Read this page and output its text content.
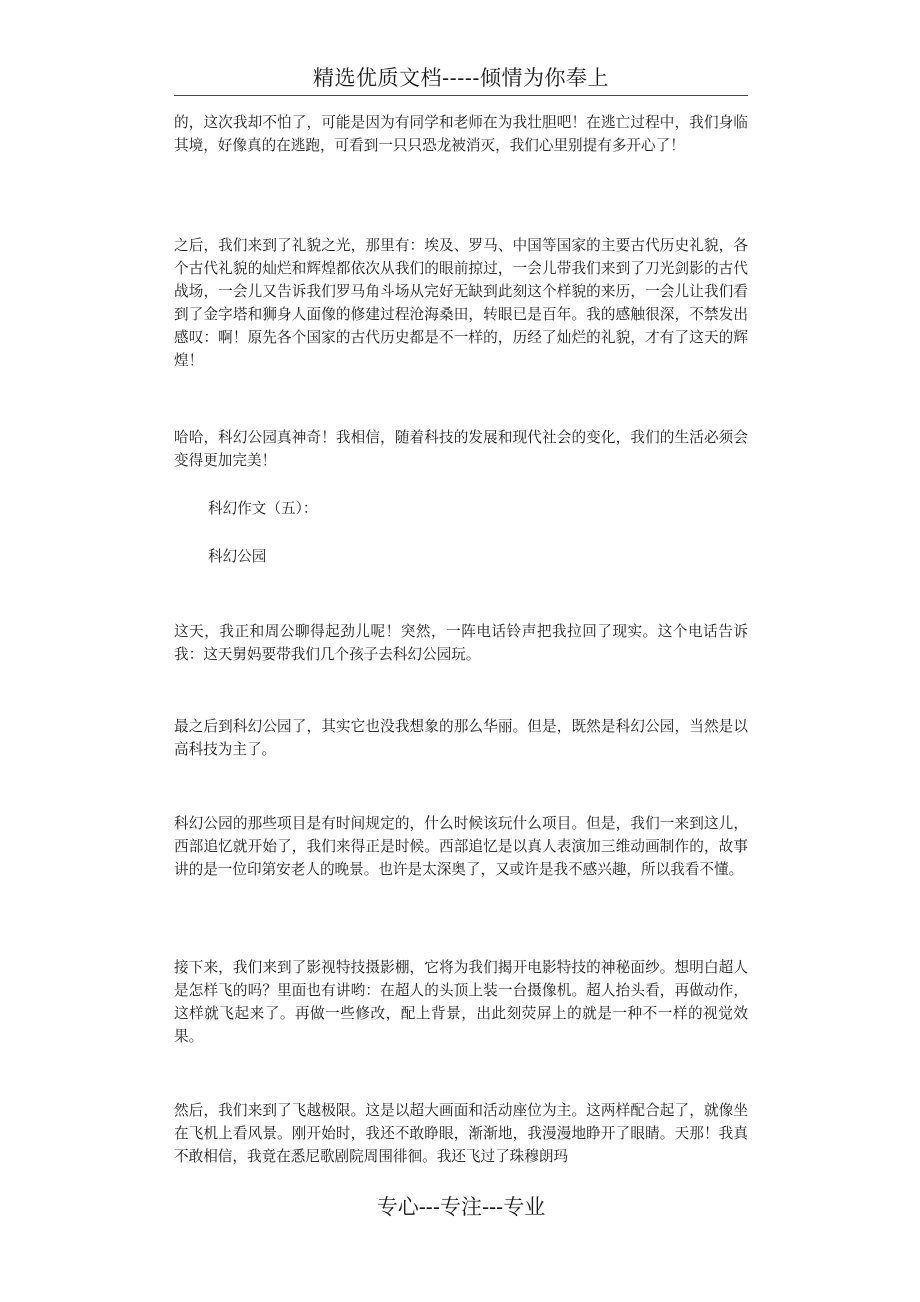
精选优质文档-----倾情为你奉上

的，这次我却不怕了，可能是因为有同学和老师在为我壮胆吧！在逃亡过程中，我们身临其境，好像真的在逃跑，可看到一只只恐龙被消灭，我们心里别提有多开心了！

之后，我们来到了礼貌之光，那里有：埃及、罗马、中国等国家的主要古代历史礼貌，各个古代礼貌的灿烂和辉煌都依次从我们的眼前掠过，一会儿带我们来到了刀光剑影的古代战场，一会儿又告诉我们罗马角斗场从完好无缺到此刻这个样貌的来历，一会儿让我们看到了金字塔和狮身人面像的修建过程沧海桑田，转眼已是百年。我的感触很深，不禁发出感叹：啊！原先各个国家的古代历史都是不一样的，历经了灿烂的礼貌，才有了这天的辉煌！

哈哈，科幻公园真神奇！我相信，随着科技的发展和现代社会的变化，我们的生活必须会变得更加完美！

科幻作文（五）：

科幻公园

这天，我正和周公聊得起劲儿呢！突然，一阵电话铃声把我拉回了现实。这个电话告诉我：这天舅妈要带我们几个孩子去科幻公园玩。

最之后到科幻公园了，其实它也没我想象的那么华丽。但是，既然是科幻公园，当然是以高科技为主了。

科幻公园的那些项目是有时间规定的，什么时候该玩什么项目。但是，我们一来到这儿，西部追忆就开始了，我们来得正是时候。西部追忆是以真人表演加三维动画制作的，故事讲的是一位印第安老人的晚景。也许是太深奥了，又或许是我不感兴趣，所以我看不懂。

接下来，我们来到了影视特技摄影棚，它将为我们揭开电影特技的神秘面纱。想明白超人是怎样飞的吗？里面也有讲哟：在超人的头顶上装一台摄像机。超人抬头看，再做动作，这样就飞起来了。再做一些修改，配上背景，出此刻荧屏上的就是一种不一样的视觉效果。

然后，我们来到了飞越极限。这是以超大画面和活动座位为主。这两样配合起了，就像坐在飞机上看风景。刚开始时，我还不敢睁眼，渐渐地，我漫漫地睁开了眼睛。天那！我真不敢相信，我竟在悉尼歌剧院周围徘徊。我还飞过了珠穆朗玛

专心---专注---专业
